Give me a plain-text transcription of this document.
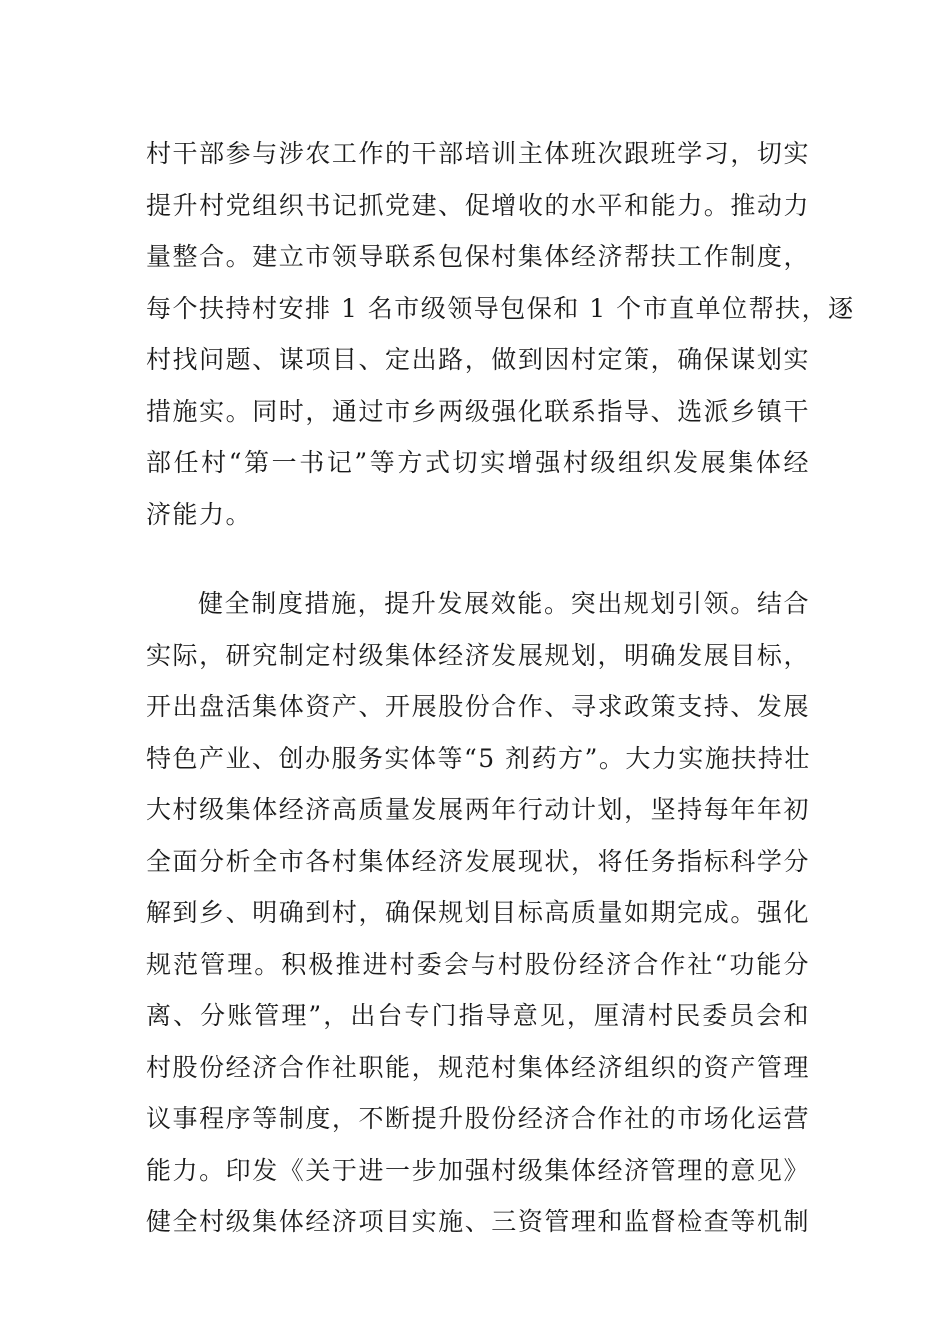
村干部参与涉农工作的干部培训主体班次跟班学习，切实
提升村党组织书记抓党建、促增收的水平和能力。推动力
量整合。建立市领导联系包保村集体经济帮扶工作制度，
每个扶持村安排 1 名市级领导包保和 1 个市直单位帮扶，逐
村找问题、谋项目、定出路，做到因村定策，确保谋划实
措施实。同时，通过市乡两级强化联系指导、选派乡镇干
部任村“第一书记”等方式切实增强村级组织发展集体经
济能力。
健全制度措施，提升发展效能。突出规划引领。结合
实际，研究制定村级集体经济发展规划，明确发展目标，
开出盘活集体资产、开展股份合作、寻求政策支持、发展
特色产业、创办服务实体等“5 剂药方”。大力实施扶持壮
大村级集体经济高质量发展两年行动计划，坚持每年年初
全面分析全市各村集体经济发展现状，将任务指标科学分
解到乡、明确到村，确保规划目标高质量如期完成。强化
规范管理。积极推进村委会与村股份经济合作社“功能分
离、分账管理”，出台专门指导意见，厘清村民委员会和
村股份经济合作社职能，规范村集体经济组织的资产管理
议事程序等制度，不断提升股份经济合作社的市场化运营
能力。印发《关于进一步加强村级集体经济管理的意见》
健全村级集体经济项目实施、三资管理和监督检查等机制
